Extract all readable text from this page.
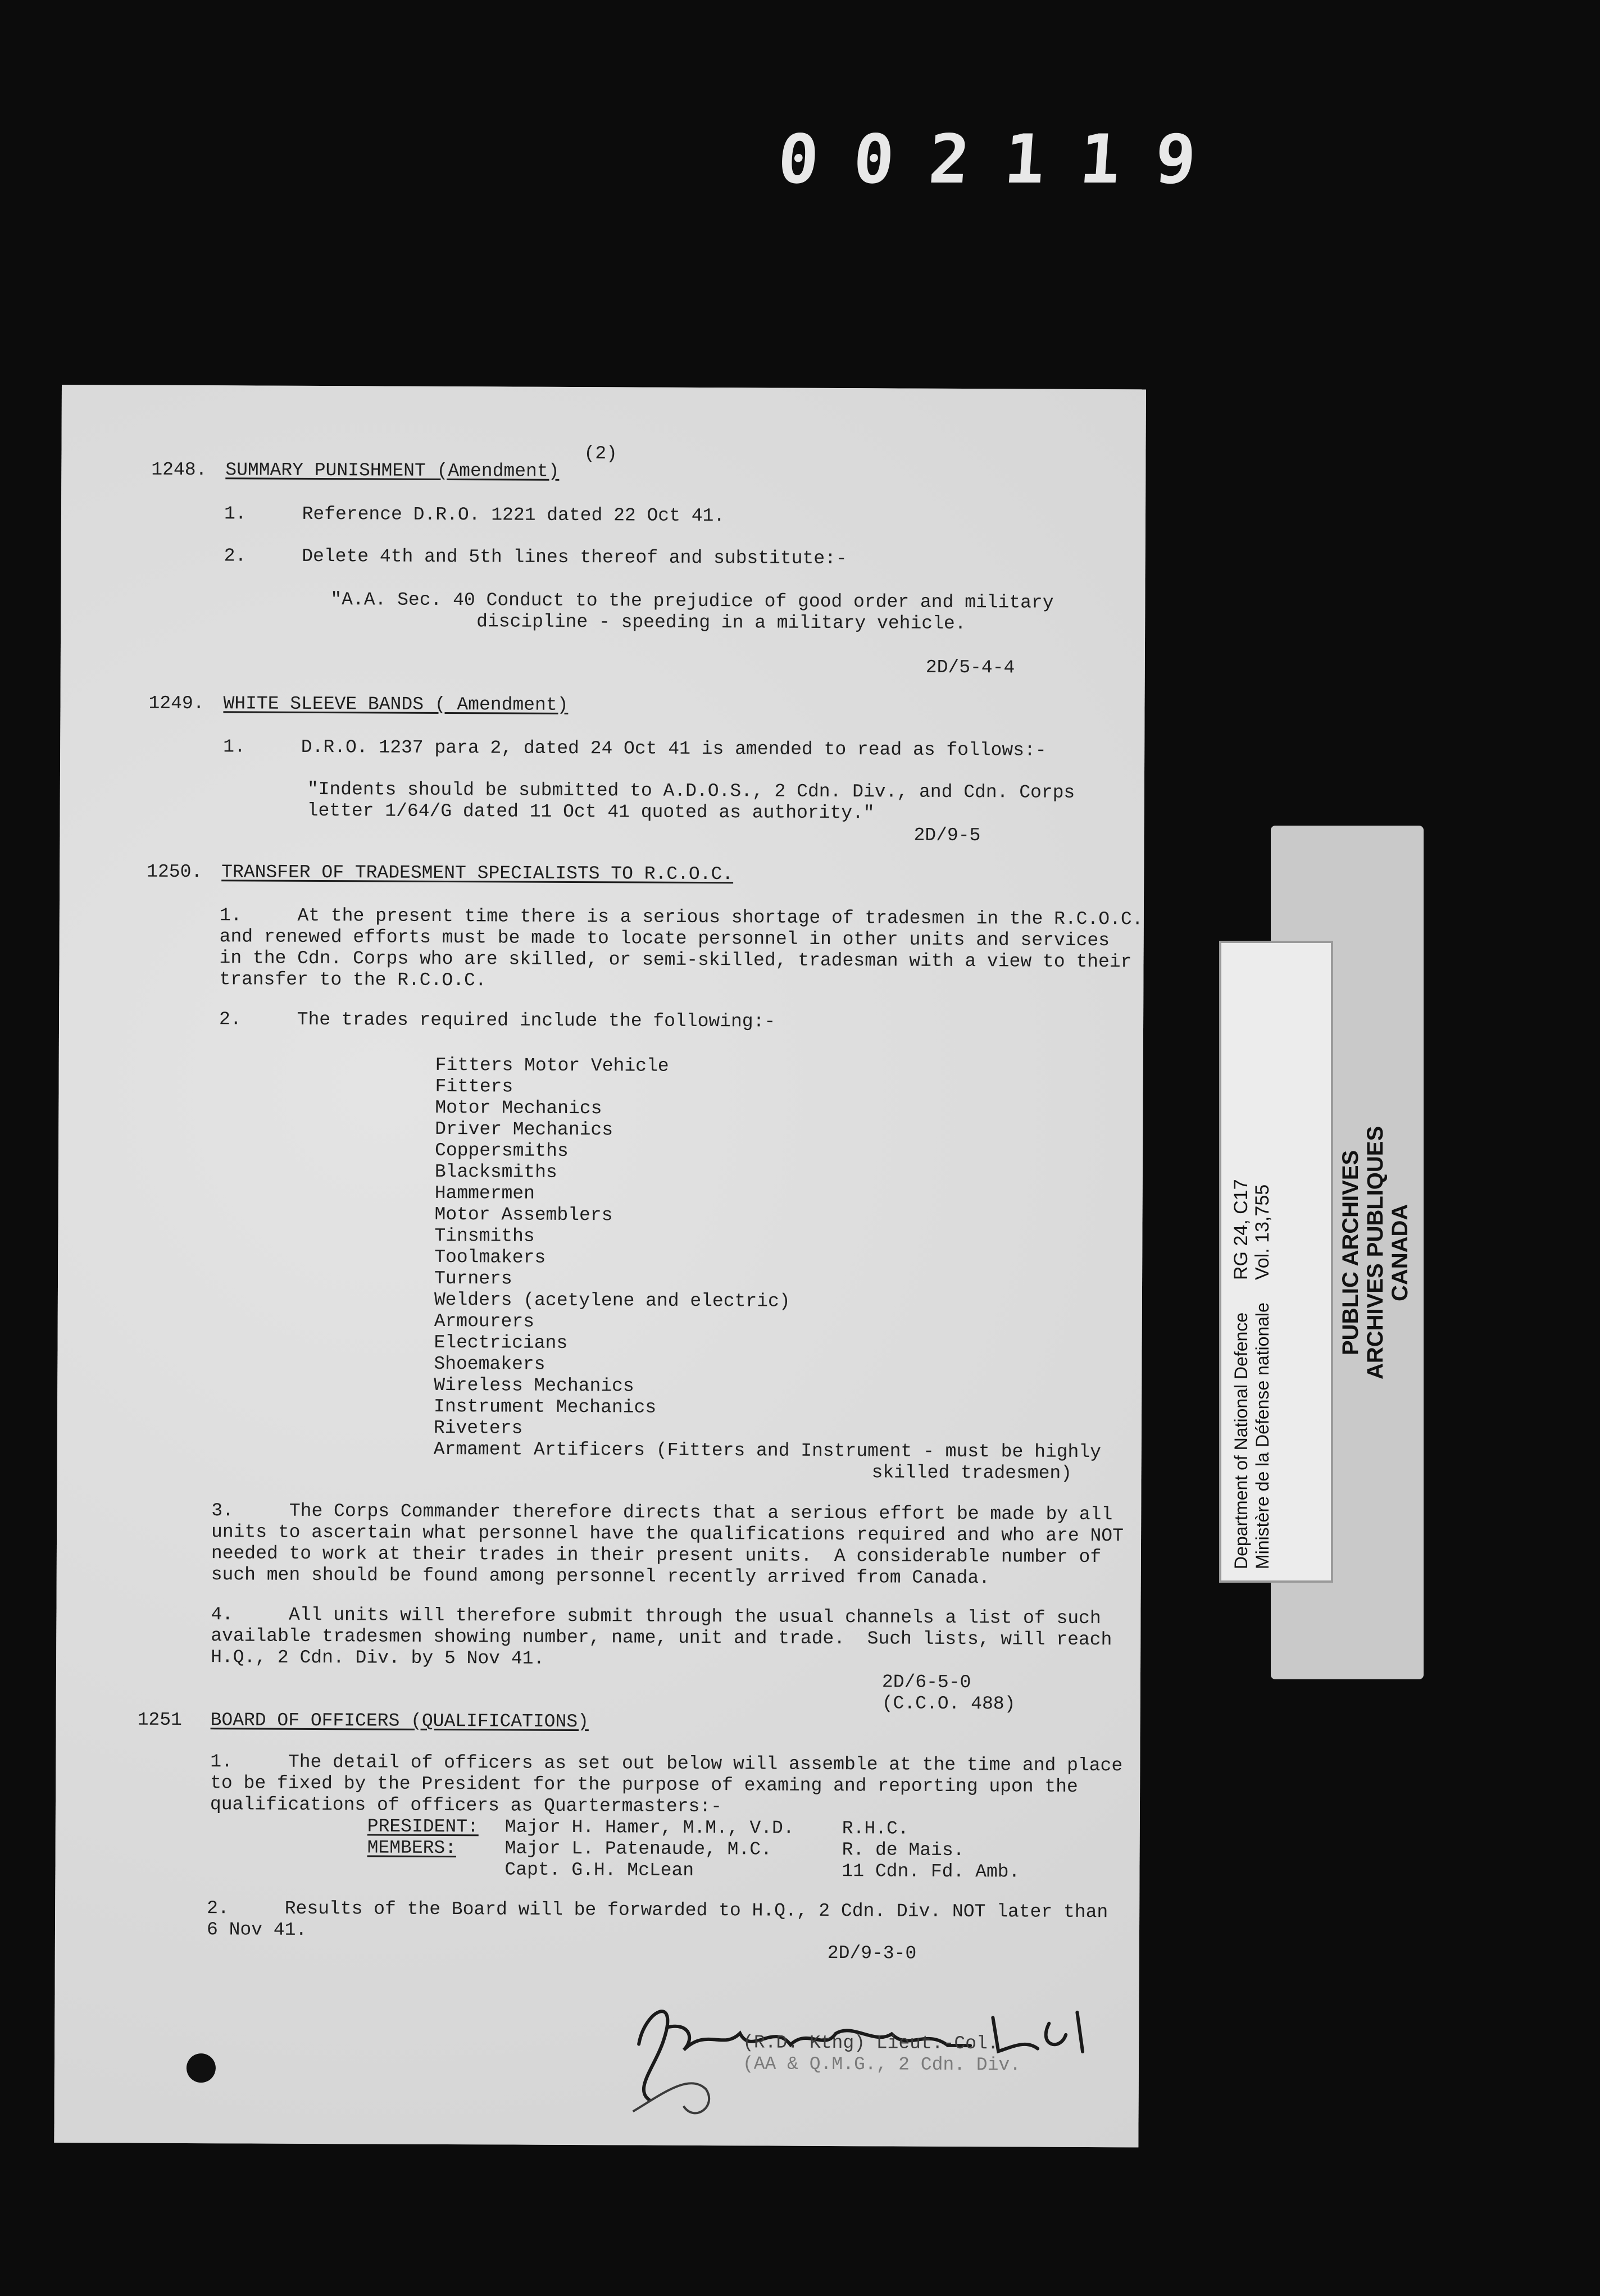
002119
(2)
1248. SUMMARY PUNISHMENT (Amendment)
1.     Reference D.R.O. 1221 dated 22 Oct 41.
2.     Delete 4th and 5th lines thereof and substitute:-
"A.A. Sec. 40 Conduct to the prejudice of good order and military
discipline - speeding in a military vehicle.
2D/5-4-4
1249. WHITE SLEEVE BANDS ( Amendment)
1.     D.R.O. 1237 para 2, dated 24 Oct 41 is amended to read as follows:-
"Indents should be submitted to A.D.O.S., 2 Cdn. Div., and Cdn. Corps
letter 1/64/G dated 11 Oct 41 quoted as authority."
2D/9-5
1250. TRANSFER OF TRADESMENT SPECIALISTS TO R.C.O.C.
1.     At the present time there is a serious shortage of tradesmen in the R.C.O.C.
and renewed efforts must be made to locate personnel in other units and services
in the Cdn. Corps who are skilled, or semi-skilled, tradesman with a view to their
transfer to the R.C.O.C.
2.     The trades required include the following:-
Fitters Motor Vehicle
Fitters
Motor Mechanics
Driver Mechanics
Coppersmiths
Blacksmiths
Hammermen
Motor Assemblers
Tinsmiths
Toolmakers
Turners
Welders (acetylene and electric)
Armourers
Electricians
Shoemakers
Wireless Mechanics
Instrument Mechanics
Riveters
Armament Artificers (Fitters and Instrument - must be highly
skilled tradesmen)
3.     The Corps Commander therefore directs that a serious effort be made by all
units to ascertain what personnel have the qualifications required and who are NOT
needed to work at their trades in their present units.  A considerable number of
such men should be found among personnel recently arrived from Canada.
4.     All units will therefore submit through the usual channels a list of such
available tradesmen showing number, name, unit and trade.  Such lists, will reach
H.Q., 2 Cdn. Div. by 5 Nov 41.
2D/6-5-0
(C.C.O. 488)
1251 BOARD OF OFFICERS (QUALIFICATIONS)
1.     The detail of officers as set out below will assemble at the time and place
to be fixed by the President for the purpose of examing and reporting upon the
qualifications of officers as Quartermasters:-
PRESIDENT: Major H. Hamer, M.M., V.D.	R.H.C.
MEMBERS:	Major L. Patenaude, M.C.	R. de Mais.
Capt. G.H. McLean	11 Cdn. Fd. Amb.
2.     Results of the Board will be forwarded to H.Q., 2 Cdn. Div. NOT later than
6 Nov 41.
2D/9-3-0
(R.D. Ktng) Lieut.-Col.
(AA & Q.M.G., 2 Cdn. Div.
PUBLIC ARCHIVES ARCHIVES PUBLIQUES CANADA
RG 24, C17 Vol. 13,755
Department of National Defence Ministère de la Défense nationale
